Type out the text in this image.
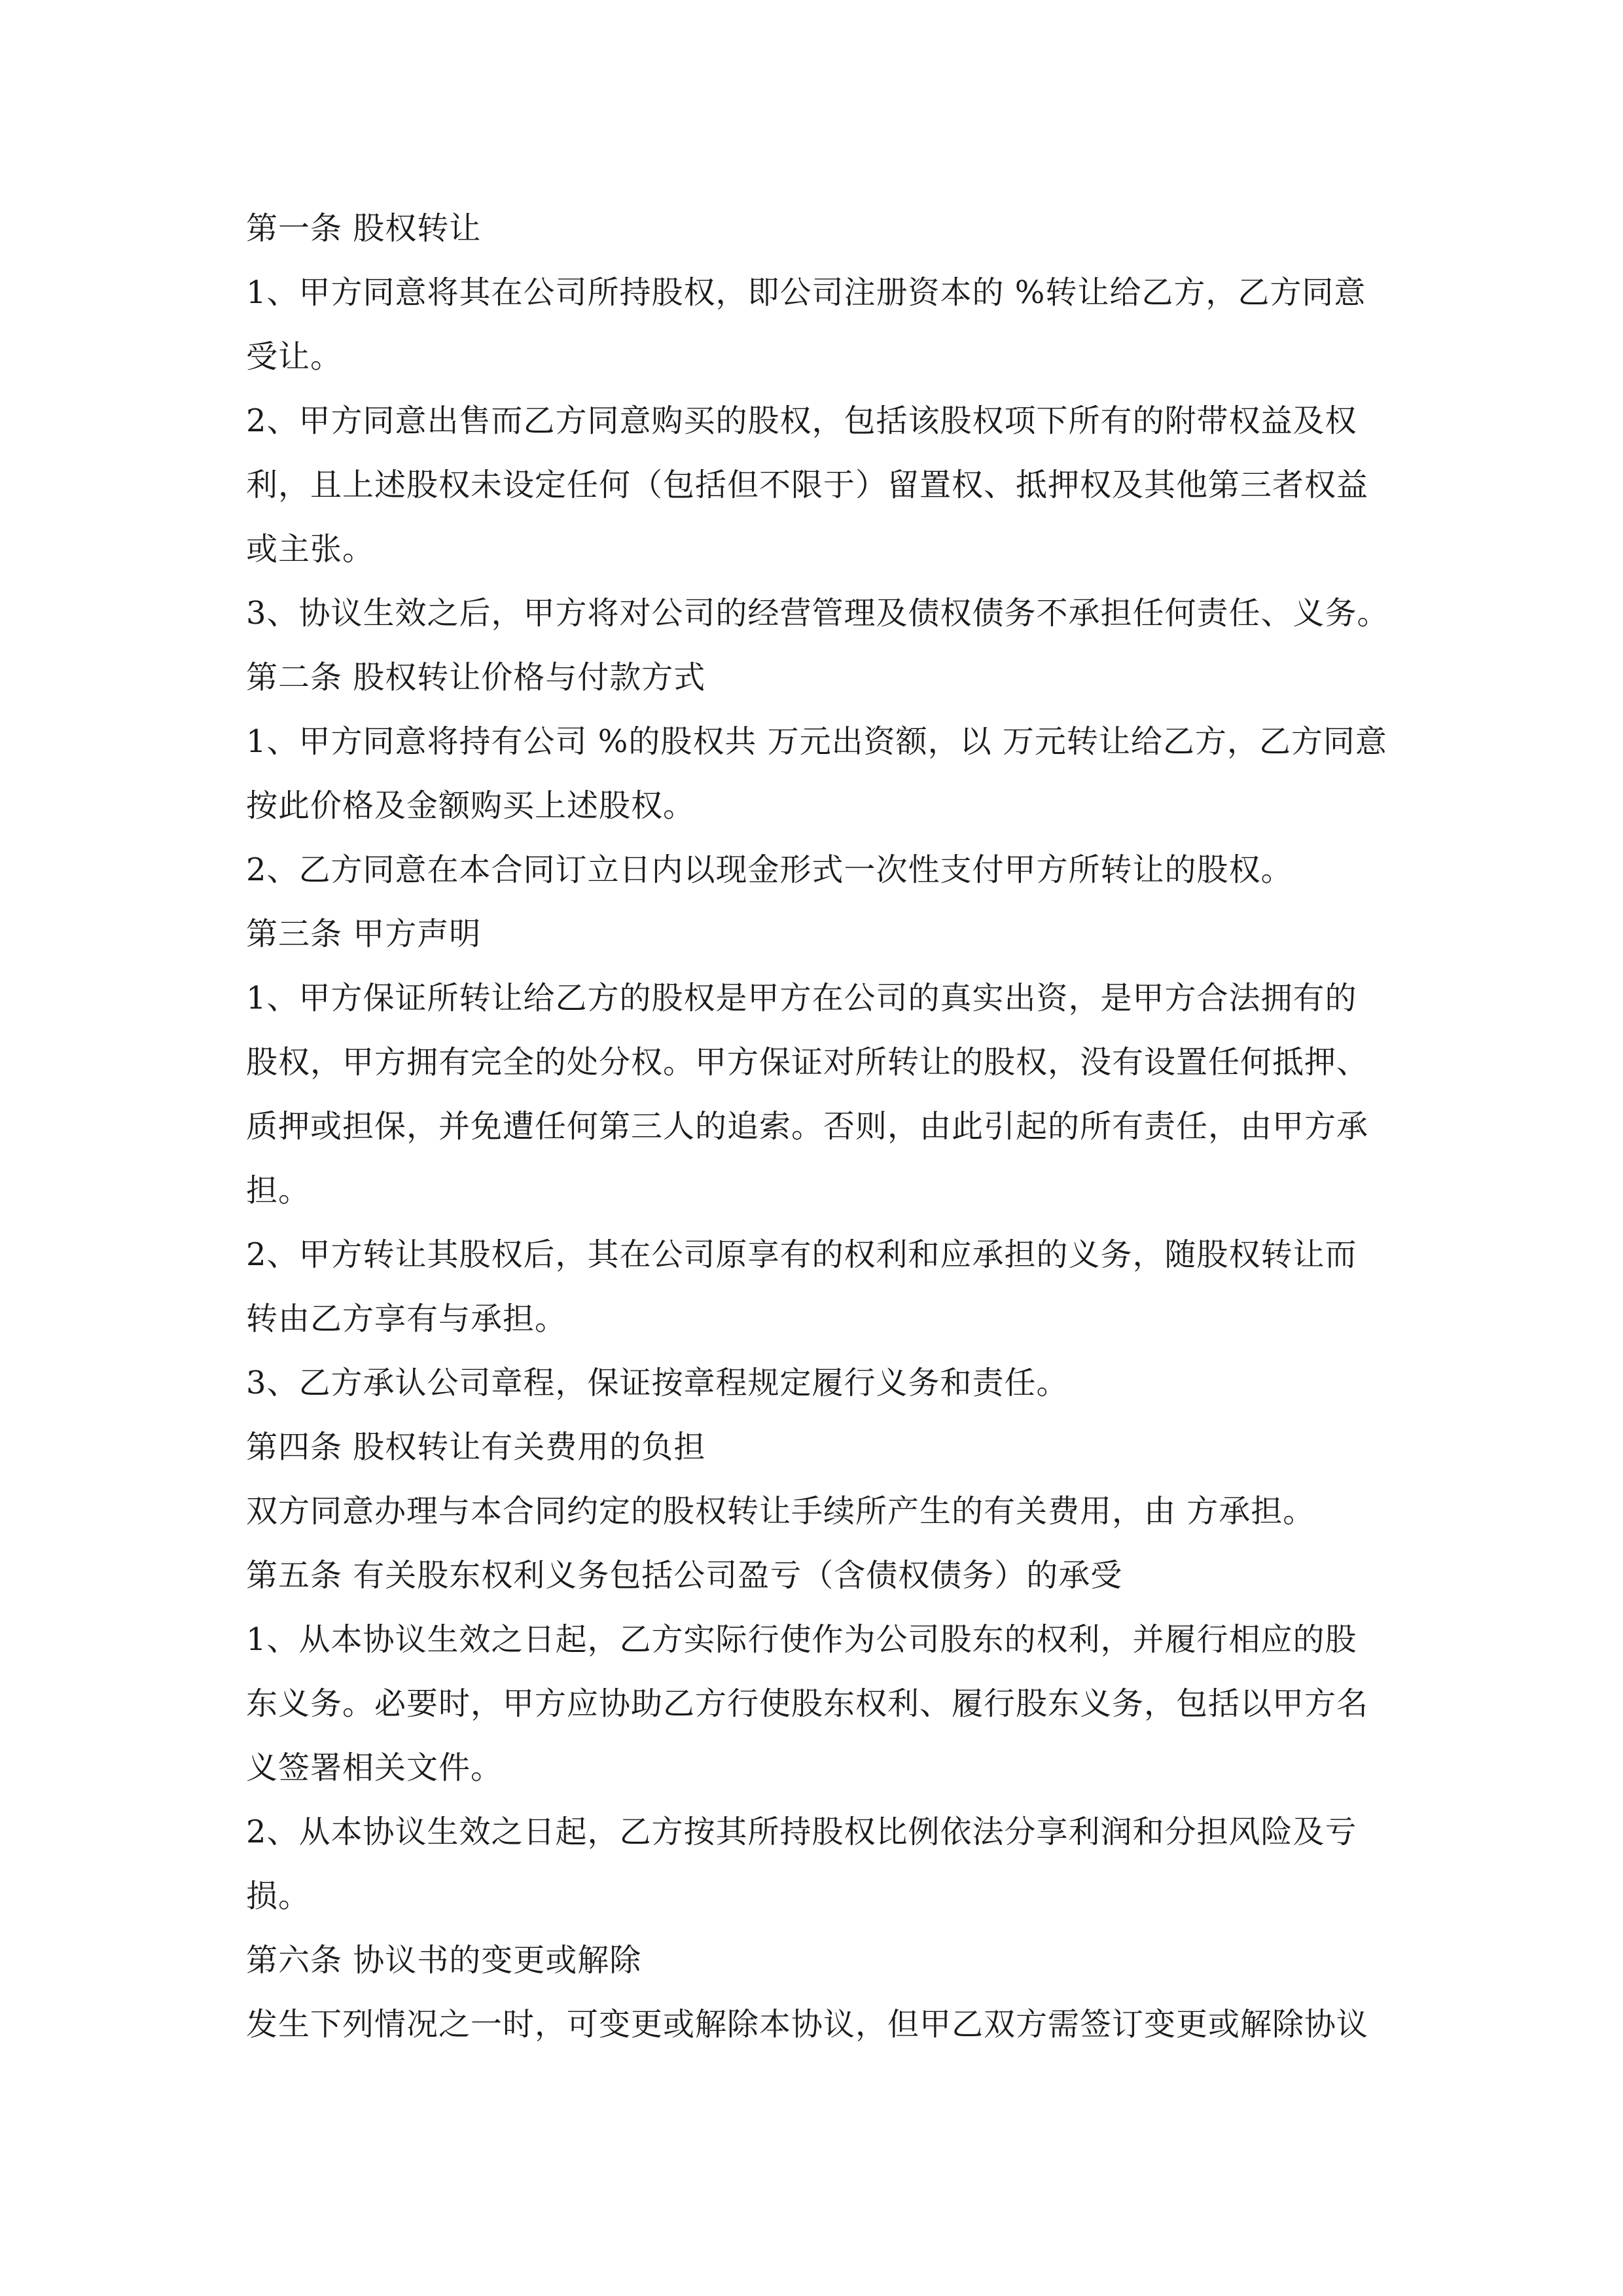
第一条 股权转让
1、甲方同意将其在公司所持股权，即公司注册资本的 %转让给乙方，乙方同意
受让。
2、甲方同意出售而乙方同意购买的股权，包括该股权项下所有的附带权益及权
利，且上述股权未设定任何（包括但不限于）留置权、抵押权及其他第三者权益
或主张。
3、协议生效之后，甲方将对公司的经营管理及债权债务不承担任何责任、义务。
第二条 股权转让价格与付款方式
1、甲方同意将持有公司 %的股权共 万元出资额，以 万元转让给乙方，乙方同意
按此价格及金额购买上述股权。
2、乙方同意在本合同订立日内以现金形式一次性支付甲方所转让的股权。
第三条 甲方声明
1、甲方保证所转让给乙方的股权是甲方在公司的真实出资，是甲方合法拥有的
股权，甲方拥有完全的处分权。甲方保证对所转让的股权，没有设置任何抵押、
质押或担保，并免遭任何第三人的追索。否则，由此引起的所有责任，由甲方承
担。
2、甲方转让其股权后，其在公司原享有的权利和应承担的义务，随股权转让而
转由乙方享有与承担。
3、乙方承认公司章程，保证按章程规定履行义务和责任。
第四条 股权转让有关费用的负担
双方同意办理与本合同约定的股权转让手续所产生的有关费用，由 方承担。
第五条 有关股东权利义务包括公司盈亏（含债权债务）的承受
1、从本协议生效之日起，乙方实际行使作为公司股东的权利，并履行相应的股
东义务。必要时，甲方应协助乙方行使股东权利、履行股东义务，包括以甲方名
义签署相关文件。
2、从本协议生效之日起，乙方按其所持股权比例依法分享利润和分担风险及亏
损。
第六条 协议书的变更或解除
发生下列情况之一时，可变更或解除本协议，但甲乙双方需签订变更或解除协议
